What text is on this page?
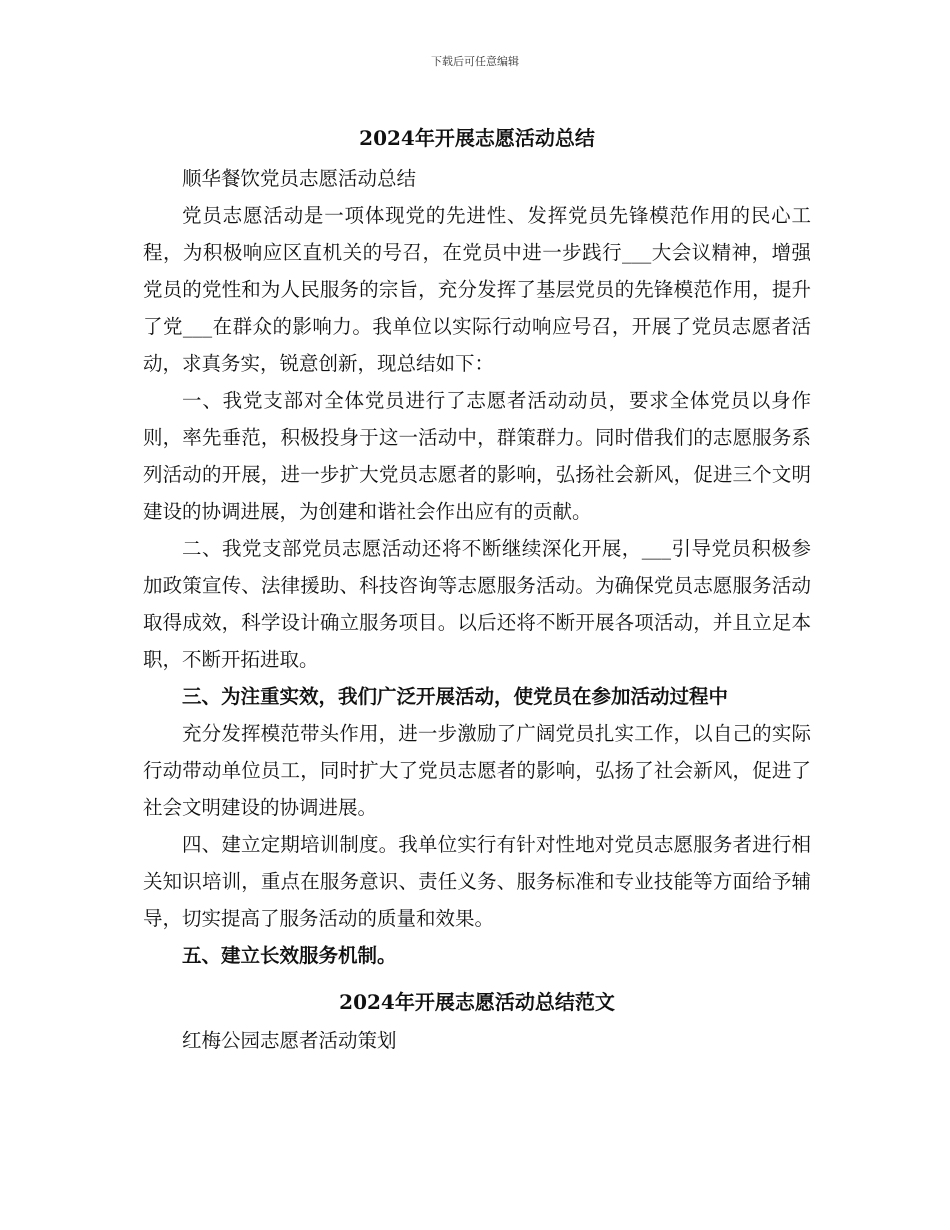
下载后可任意编辑
2024年开展志愿活动总结

顺华餐饮党员志愿活动总结

党员志愿活动是一项体现党的先进性、发挥党员先锋模范作用的民心工程，为积极响应区直机关的号召，在党员中进一步践行___大会议精神，增强党员的党性和为人民服务的宗旨，充分发挥了基层党员的先锋模范作用，提升了党___在群众的影响力。我单位以实际行动响应号召，开展了党员志愿者活动，求真务实，锐意创新，现总结如下：

一、我党支部对全体党员进行了志愿者活动动员，要求全体党员以身作则，率先垂范，积极投身于这一活动中，群策群力。同时借我们的志愿服务系列活动的开展，进一步扩大党员志愿者的影响，弘扬社会新风，促进三个文明建设的协调进展，为创建和谐社会作出应有的贡献。

二、我党支部党员志愿活动还将不断继续深化开展，___引导党员积极参加政策宣传、法律援助、科技咨询等志愿服务活动。为确保党员志愿服务活动取得成效，科学设计确立服务项目。以后还将不断开展各项活动，并且立足本职，不断开拓进取。

三、为注重实效，我们广泛开展活动，使党员在参加活动过程中

充分发挥模范带头作用，进一步激励了广阔党员扎实工作，以自己的实际行动带动单位员工，同时扩大了党员志愿者的影响，弘扬了社会新风，促进了社会文明建设的协调进展。

四、建立定期培训制度。我单位实行有针对性地对党员志愿服务者进行相关知识培训，重点在服务意识、责任义务、服务标准和专业技能等方面给予辅导，切实提高了服务活动的质量和效果。

五、建立长效服务机制。

2024年开展志愿活动总结范文

红梅公园志愿者活动策划
